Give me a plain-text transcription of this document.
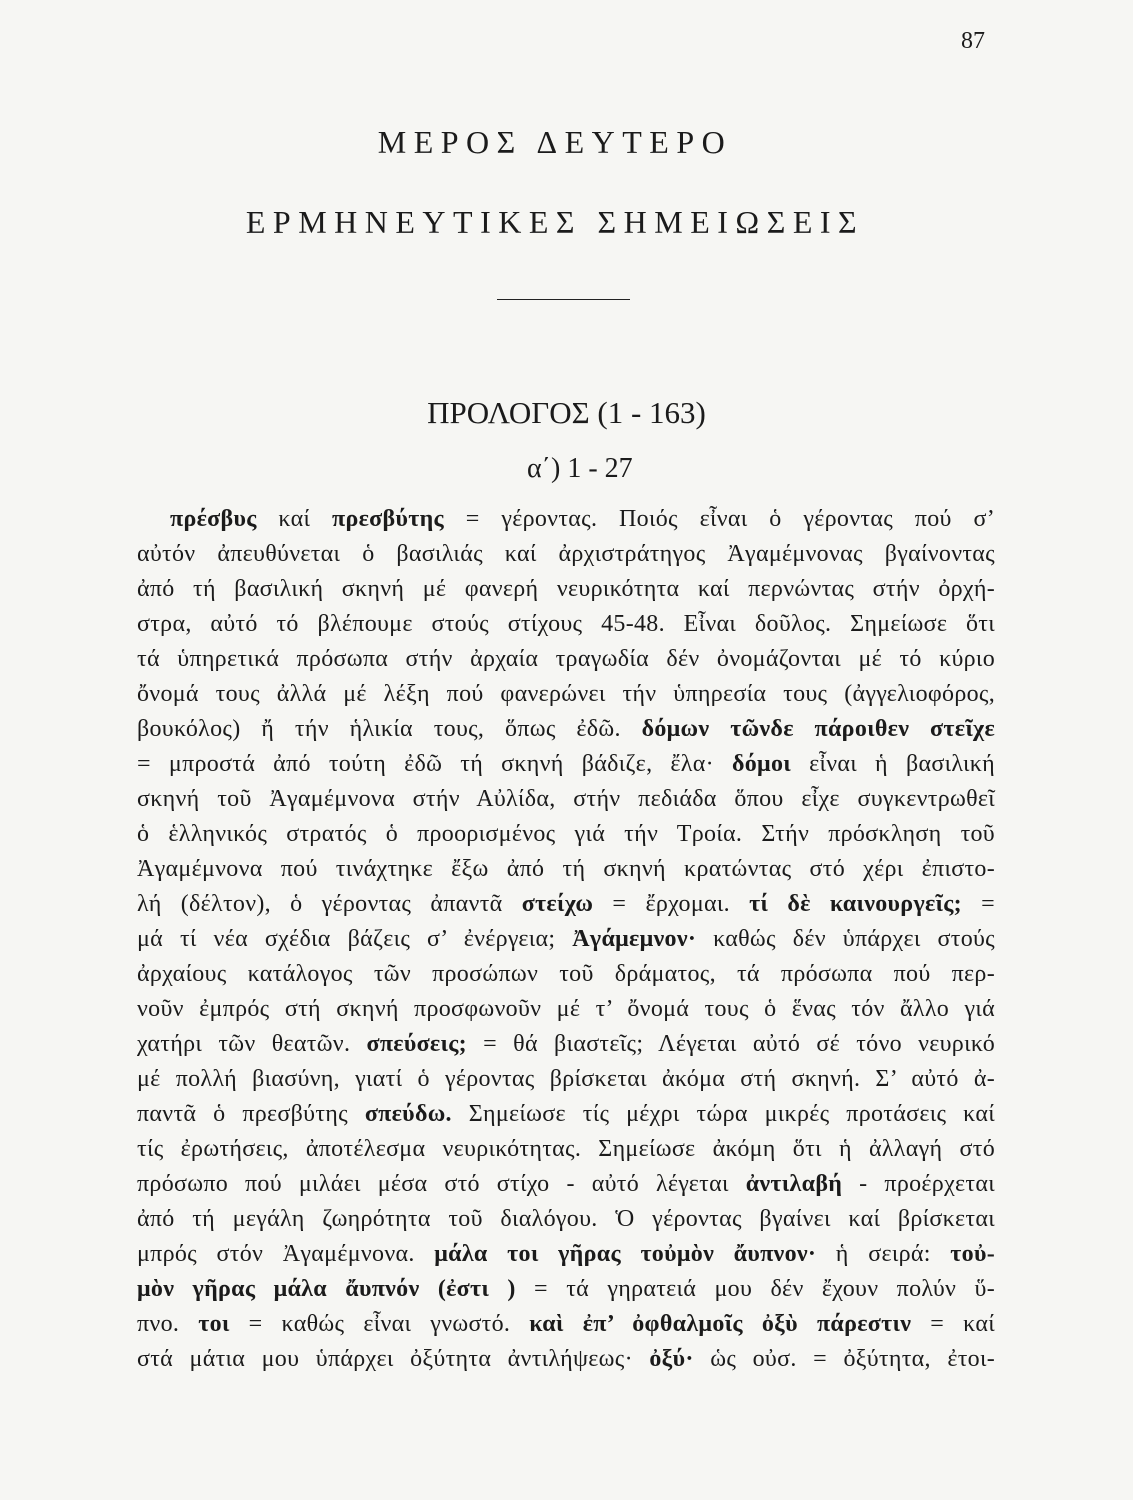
87
ΜΕΡΟΣ ΔΕΥΤΕΡΟ
ΕΡΜΗΝΕΥΤΙΚΕΣ ΣΗΜΕΙΩΣΕΙΣ
ΠΡΟΛΟΓΟΣ (1 - 163)
α΄) 1 - 27
πρέσβυς καί πρεσβύτης = γέροντας. Ποιός εἶναι ὁ γέροντας πού σ’
αὐτόν ἀπευθύνεται ὁ βασιλιάς καί ἀρχιστράτηγος Ἀγαμέμνονας βγαίνοντας
ἀπό τή βασιλική σκηνή μέ φανερή νευρικότητα καί περνώντας στήν ὀρχή-
στρα, αὐτό τό βλέπουμε στούς στίχους 45-48. Εἶναι δοῦλος. Σημείωσε ὅτι
τά ὑπηρετικά πρόσωπα στήν ἀρχαία τραγωδία δέν ὀνομάζονται μέ τό κύριο
ὄνομά τους ἀλλά μέ λέξη πού φανερώνει τήν ὑπηρεσία τους (ἀγγελιοφόρος,
βουκόλος) ἤ τήν ἡλικία τους, ὅπως ἐδῶ. δόμων τῶνδε πάροιθεν στεῖχε
= μπροστά ἀπό τούτη ἐδῶ τή σκηνή βάδιζε, ἔλα· δόμοι εἶναι ἡ βασιλική
σκηνή τοῦ Ἀγαμέμνονα στήν Αὐλίδα, στήν πεδιάδα ὅπου εἶχε συγκεντρωθεῖ
ὁ ἑλληνικός στρατός ὁ προορισμένος γιά τήν Τροία. Στήν πρόσκληση τοῦ
Ἀγαμέμνονα πού τινάχτηκε ἔξω ἀπό τή σκηνή κρατώντας στό χέρι ἐπιστο-
λή (δέλτον), ὁ γέροντας ἀπαντᾶ στείχω = ἔρχομαι. τί δὲ καινουργεῖς; =
μά τί νέα σχέδια βάζεις σ’ ἐνέργεια; Ἀγάμεμνον· καθώς δέν ὑπάρχει στούς
ἀρχαίους κατάλογος τῶν προσώπων τοῦ δράματος, τά πρόσωπα πού περ-
νοῦν ἐμπρός στή σκηνή προσφωνοῦν μέ τ’ ὄνομά τους ὁ ἕνας τόν ἄλλο γιά
χατήρι τῶν θεατῶν. σπεύσεις; = θά βιαστεῖς; Λέγεται αὐτό σέ τόνο νευρικό
μέ πολλή βιασύνη, γιατί ὁ γέροντας βρίσκεται ἀκόμα στή σκηνή. Σ’ αὐτό ἀ-
παντᾶ ὁ πρεσβύτης σπεύδω. Σημείωσε τίς μέχρι τώρα μικρές προτάσεις καί
τίς ἐρωτήσεις, ἀποτέλεσμα νευρικότητας. Σημείωσε ἀκόμη ὅτι ἡ ἀλλαγή στό
πρόσωπο πού μιλάει μέσα στό στίχο - αὐτό λέγεται ἀντιλαβή - προέρχεται
ἀπό τή μεγάλη ζωηρότητα τοῦ διαλόγου. Ὁ γέροντας βγαίνει καί βρίσκεται
μπρός στόν Ἀγαμέμνονα. μάλα τοι γῆρας τοὐμὸν ἄυπνον· ἡ σειρά: τοὐ-
μὸν γῆρας μάλα ἄυπνόν (ἐστι ) = τά γηρατειά μου δέν ἔχουν πολύν ὕ-
πνο. τοι = καθώς εἶναι γνωστό. καὶ ἐπ’ ὀφθαλμοῖς ὀξὺ πάρεστιν = καί
στά μάτια μου ὑπάρχει ὀξύτητα ἀντιλήψεως· ὀξύ· ὡς οὐσ. = ὀξύτητα, ἐτοι-
